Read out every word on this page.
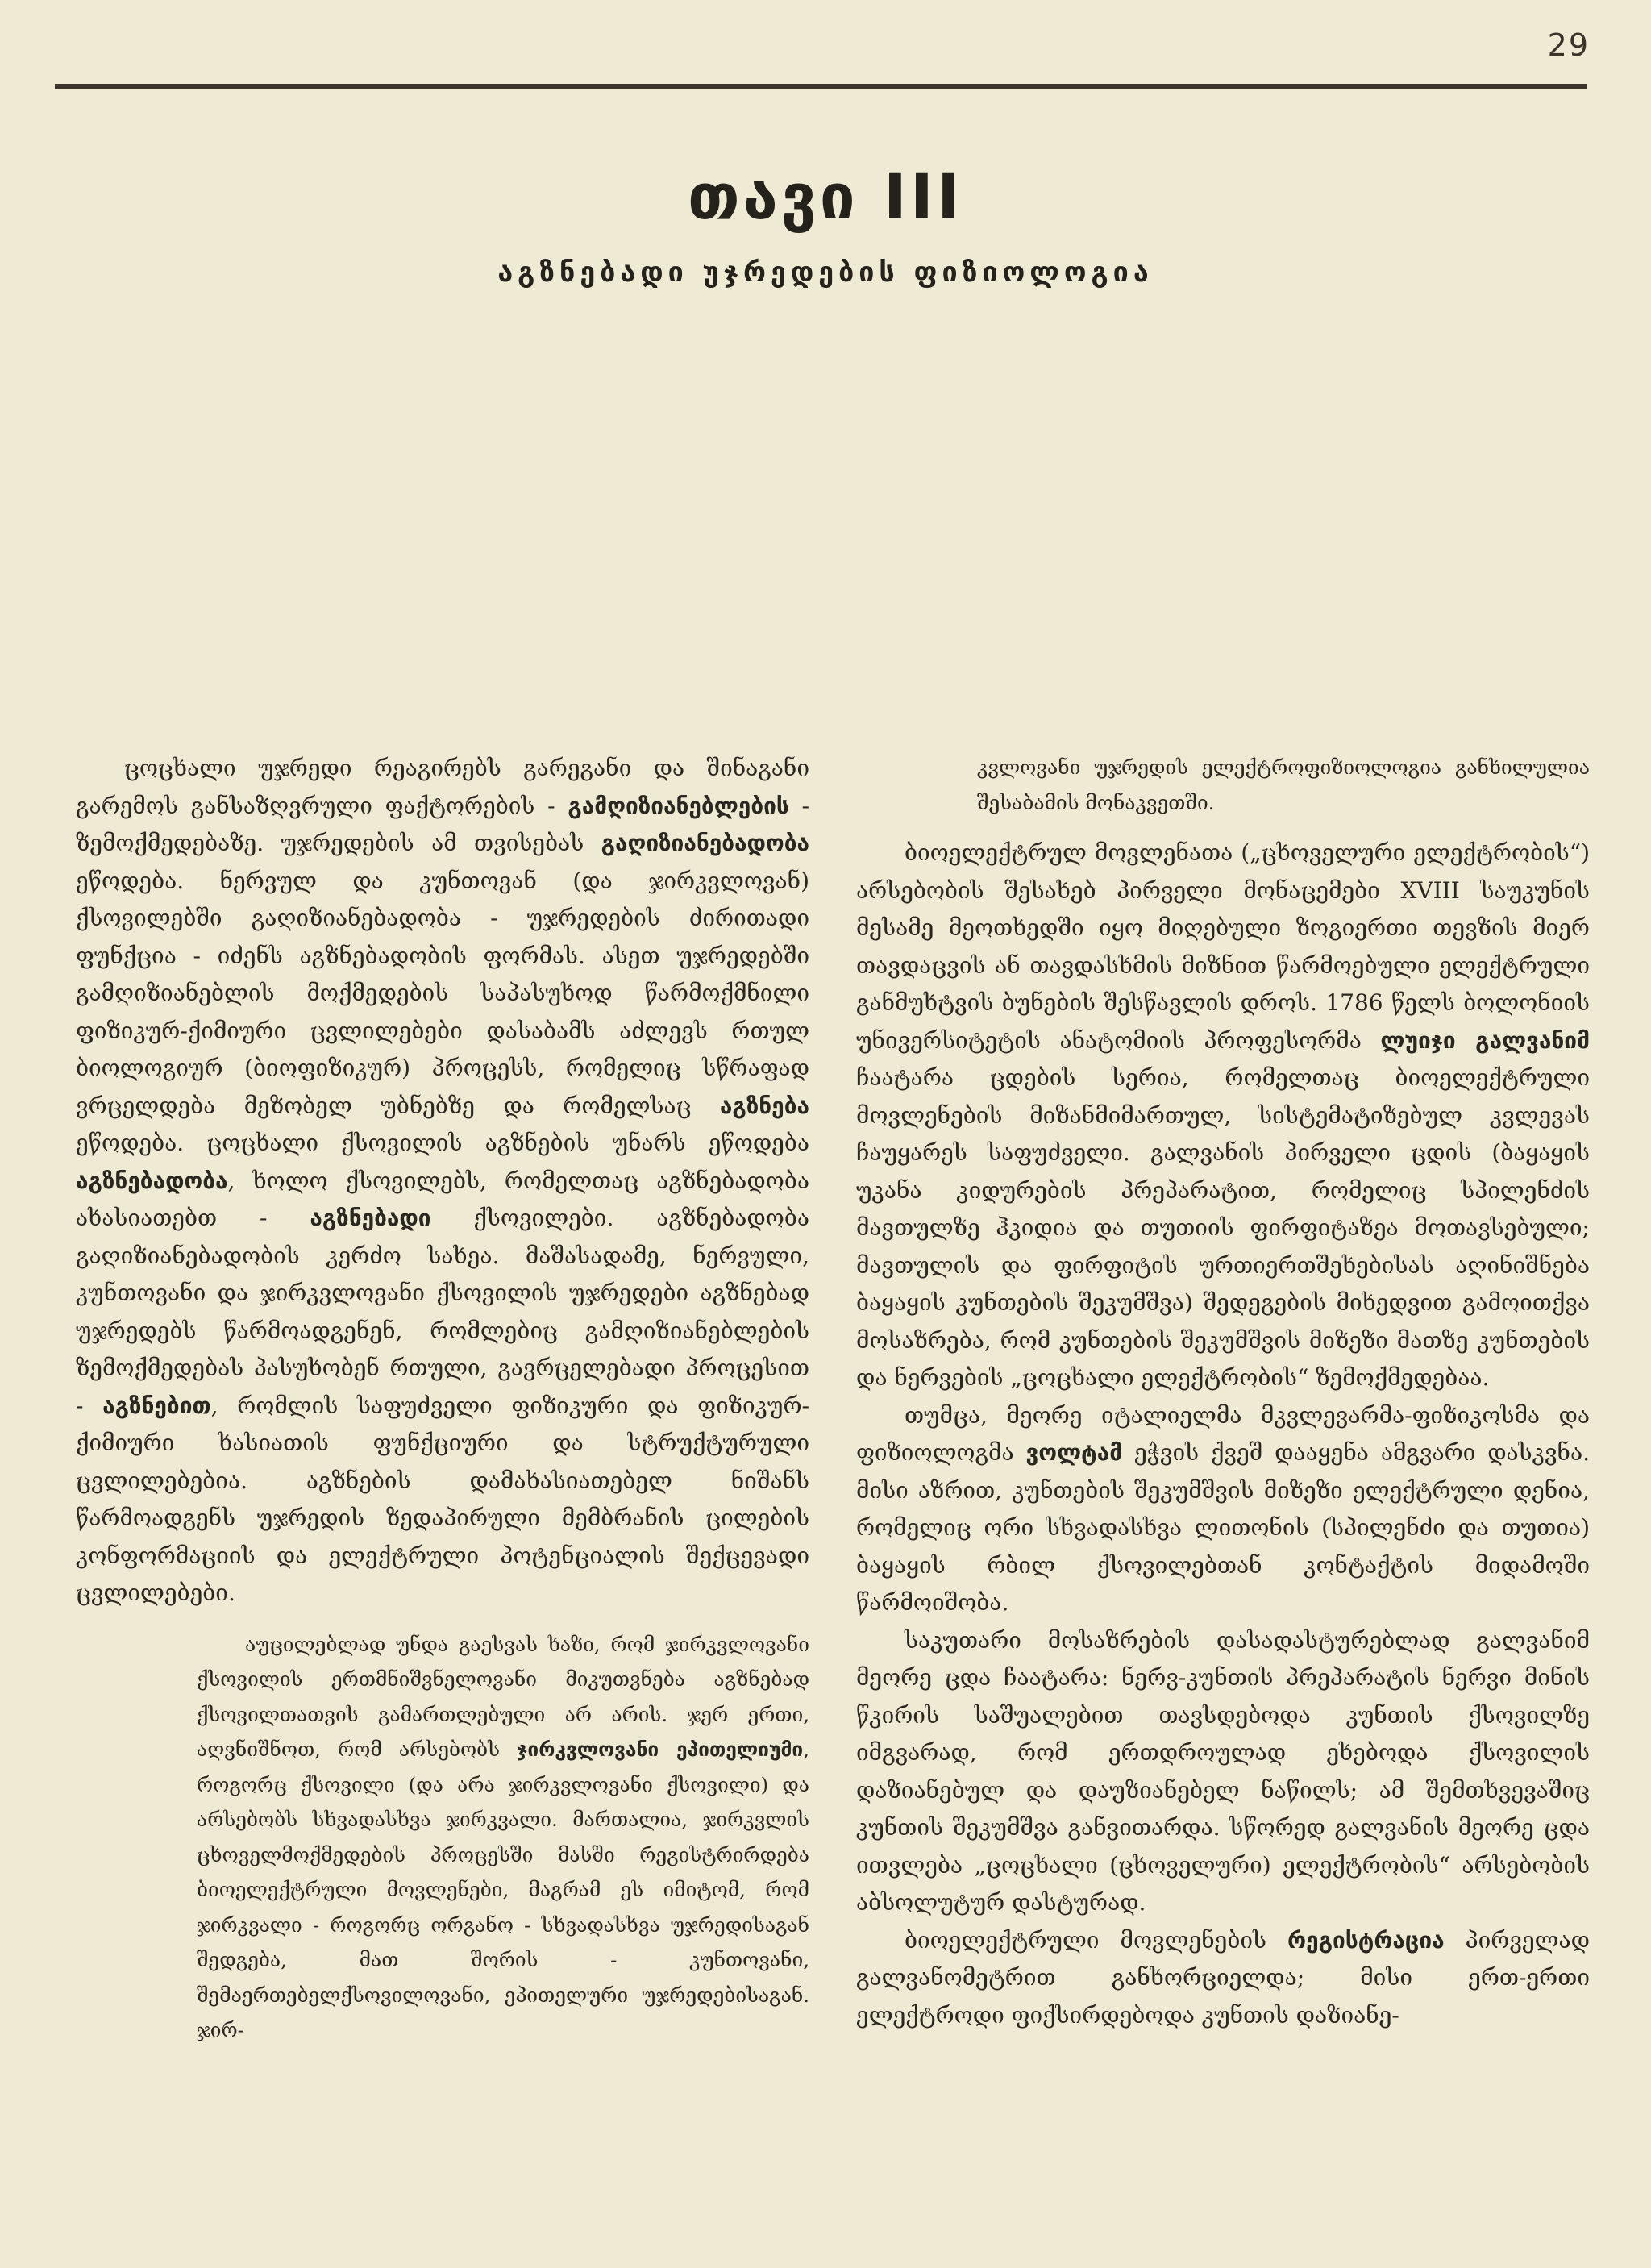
29
თავი III
აგზნებადი უჯრედების ფიზიოლოგია

ცოცხალი უჯრედი რეაგირებს გარეგანი და შინაგანი გარემოს განსაზღვრული ფაქტორების - გამღიზიანებლების - ზემოქმედებაზე. უჯრედების ამ თვისებას გაღიზიანებადობა ეწოდება. ნერვულ და კუნთოვან (და ჯირკვლოვან) ქსოვილებში გაღიზიანებადობა - უჯრედების ძირითადი ფუნქცია - იძენს აგზნებადობის ფორმას. ასეთ უჯრედებში გამღიზიანებლის მოქმედების საპასუხოდ წარმოქმნილი ფიზიკურ-ქიმიური ცვლილებები დასაბამს აძლევს რთულ ბიოლოგიურ (ბიოფიზიკურ) პროცესს, რომელიც სწრაფად ვრცელდება მეზობელ უბნებზე და რომელსაც აგზნება ეწოდება. ცოცხალი ქსოვილის აგზნების უნარს ეწოდება აგზნებადობა, ხოლო ქსოვილებს, რომელთაც აგზნებადობა ახასიათებთ - აგზნებადი ქსოვილები. აგზნებადობა გაღიზიანებადობის კერძო სახეა. მაშასადამე, ნერვული, კუნთოვანი და ჯირკვლოვანი ქსოვილის უჯრედები აგზნებად უჯრედებს წარმოადგენენ, რომლებიც გამღიზიანებლების ზემოქმედებას პასუხობენ რთული, გავრცელებადი პროცესით - აგზნებით, რომლის საფუძველი ფიზიკური და ფიზიკურ-ქიმიური ხასიათის ფუნქციური და სტრუქტურული ცვლილებებია. აგზნების დამახასიათებელ ნიშანს წარმოადგენს უჯრედის ზედაპირული მემბრანის ცილების კონფორმაციის და ელექტრული პოტენციალის შექცევადი ცვლილებები.

აუცილებლად უნდა გაესვას ხაზი, რომ ჯირკვლოვანი ქსოვილის ერთმნიშვნელოვანი მიკუთვნება აგზნებად ქსოვილთათვის გამართლებული არ არის. ჯერ ერთი, აღვნიშნოთ, რომ არსებობს ჯირკვლოვანი ეპითელიუმი, როგორც ქსოვილი (და არა ჯირკვლოვანი ქსოვილი) და არსებობს სხვადასხვა ჯირკვალი. მართალია, ჯირკვლის ცხოველმოქმედების პროცესში მასში რეგისტრირდება ბიოელექტრული მოვლენები, მაგრამ ეს იმიტომ, რომ ჯირკვალი - როგორც ორგანო - სხვადასხვა უჯრედისაგან შედგება, მათ შორის - კუნთოვანი, შემაერთებელქსოვილოვანი, ეპითელური უჯრედებისაგან. ჯირ-

კვლოვანი უჯრედის ელექტროფიზიოლოგია განხილულია შესაბამის მონაკვეთში.

ბიოელექტრულ მოვლენათა („ცხოველური ელექტრობის“) არსებობის შესახებ პირველი მონაცემები XVIII საუკუნის მესამე მეოთხედში იყო მიღებული ზოგიერთი თევზის მიერ თავდაცვის ან თავდასხმის მიზნით წარმოებული ელექტრული განმუხტვის ბუნების შესწავლის დროს. 1786 წელს ბოლონიის უნივერსიტეტის ანატომიის პროფესორმა ლუიჯი გალვანიმ ჩაატარა ცდების სერია, რომელთაც ბიოელექტრული მოვლენების მიზანმიმართულ, სისტემატიზებულ კვლევას ჩაუყარეს საფუძველი. გალვანის პირველი ცდის (ბაყაყის უკანა კიდურების პრეპარატით, რომელიც სპილენძის მავთულზე ჰკიდია და თუთიის ფირფიტაზეა მოთავსებული; მავთულის და ფირფიტის ურთიერთშეხებისას აღინიშნება ბაყაყის კუნთების შეკუმშვა) შედეგების მიხედვით გამოითქვა მოსაზრება, რომ კუნთების შეკუმშვის მიზეზი მათზე კუნთების და ნერვების „ცოცხალი ელექტრობის“ ზემოქმედებაა.

თუმცა, მეორე იტალიელმა მკვლევარმა-ფიზიკოსმა და ფიზიოლოგმა ვოლტამ ეჭვის ქვეშ დააყენა ამგვარი დასკვნა. მისი აზრით, კუნთების შეკუმშვის მიზეზი ელექტრული დენია, რომელიც ორი სხვადასხვა ლითონის (სპილენძი და თუთია) ბაყაყის რბილ ქსოვილებთან კონტაქტის მიდამოში წარმოიშობა.

საკუთარი მოსაზრების დასადასტურებლად გალვანიმ მეორე ცდა ჩაატარა: ნერვ-კუნთის პრეპარატის ნერვი მინის წკირის საშუალებით თავსდებოდა კუნთის ქსოვილზე იმგვარად, რომ ერთდროულად ეხებოდა ქსოვილის დაზიანებულ და დაუზიანებელ ნაწილს; ამ შემთხვევაშიც კუნთის შეკუმშვა განვითარდა. სწორედ გალვანის მეორე ცდა ითვლება „ცოცხალი (ცხოველური) ელექტრობის“ არსებობის აბსოლუტურ დასტურად.

ბიოელექტრული მოვლენების რეგისტრაცია პირველად გალვანომეტრით განხორციელდა; მისი ერთ-ერთი ელექტროდი ფიქსირდებოდა კუნთის დაზიანე-
